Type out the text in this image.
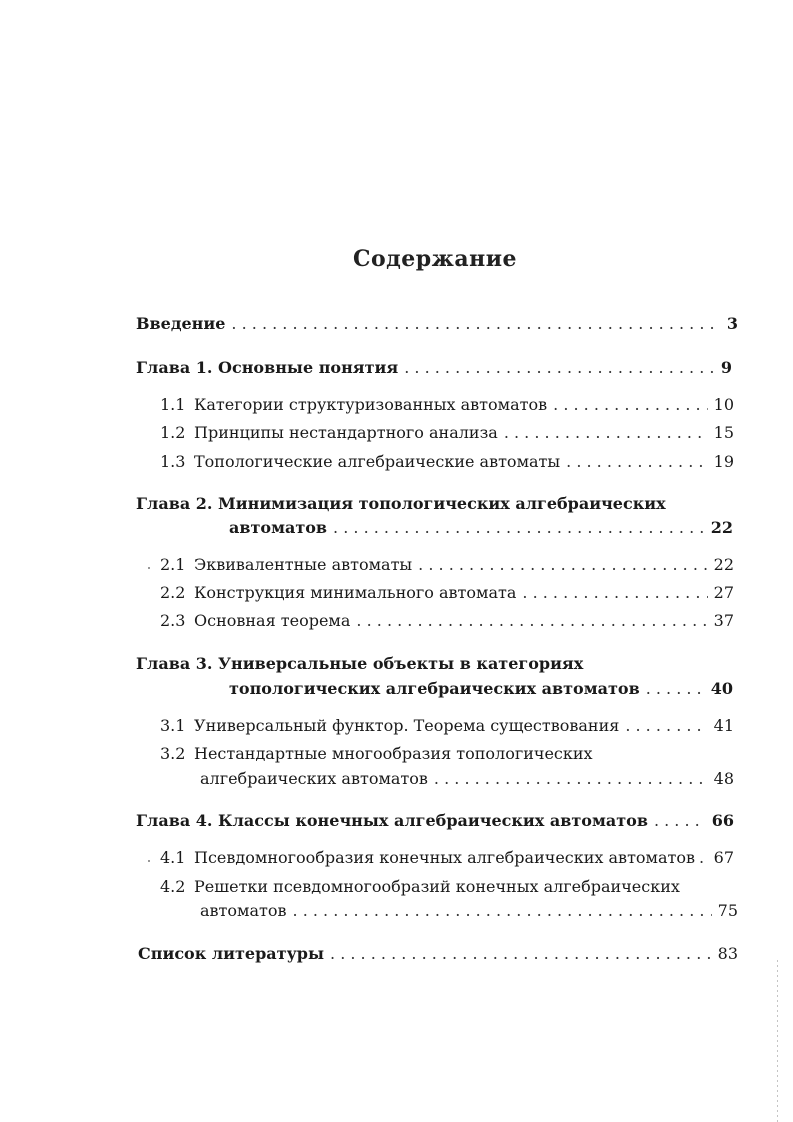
Содержание
Введение . . .	3
Глава 1. Основные понятия . . .	9
1.1 Категории структуризованных автоматов . . .	10
1.2 Принципы нестандартного анализа . . .	15
1.3 Топологические алгебраические автоматы . . .	19
Глава 2. Минимизация топологических алгебраических
автоматов . . .	22
2.1 Эквивалентные автоматы . . .	22
2.2 Конструкция минимального автомата . . .	27
2.3 Основная теорема . . .	37
Глава 3. Универсальные объекты в категориях
топологических алгебраических автоматов . . .	40
3.1 Универсальный функтор. Теорема существования . . .	41
3.2 Нестандартные многообразия топологических
алгебраических автоматов . . .	48
Глава 4. Классы конечных алгебраических автоматов . . .	66
4.1 Псевдомногообразия конечных алгебраических автоматов . . . 67
4.2 Решетки псевдомногообразий конечных алгебраических
автоматов . . .	75
Список литературы . . .	83
